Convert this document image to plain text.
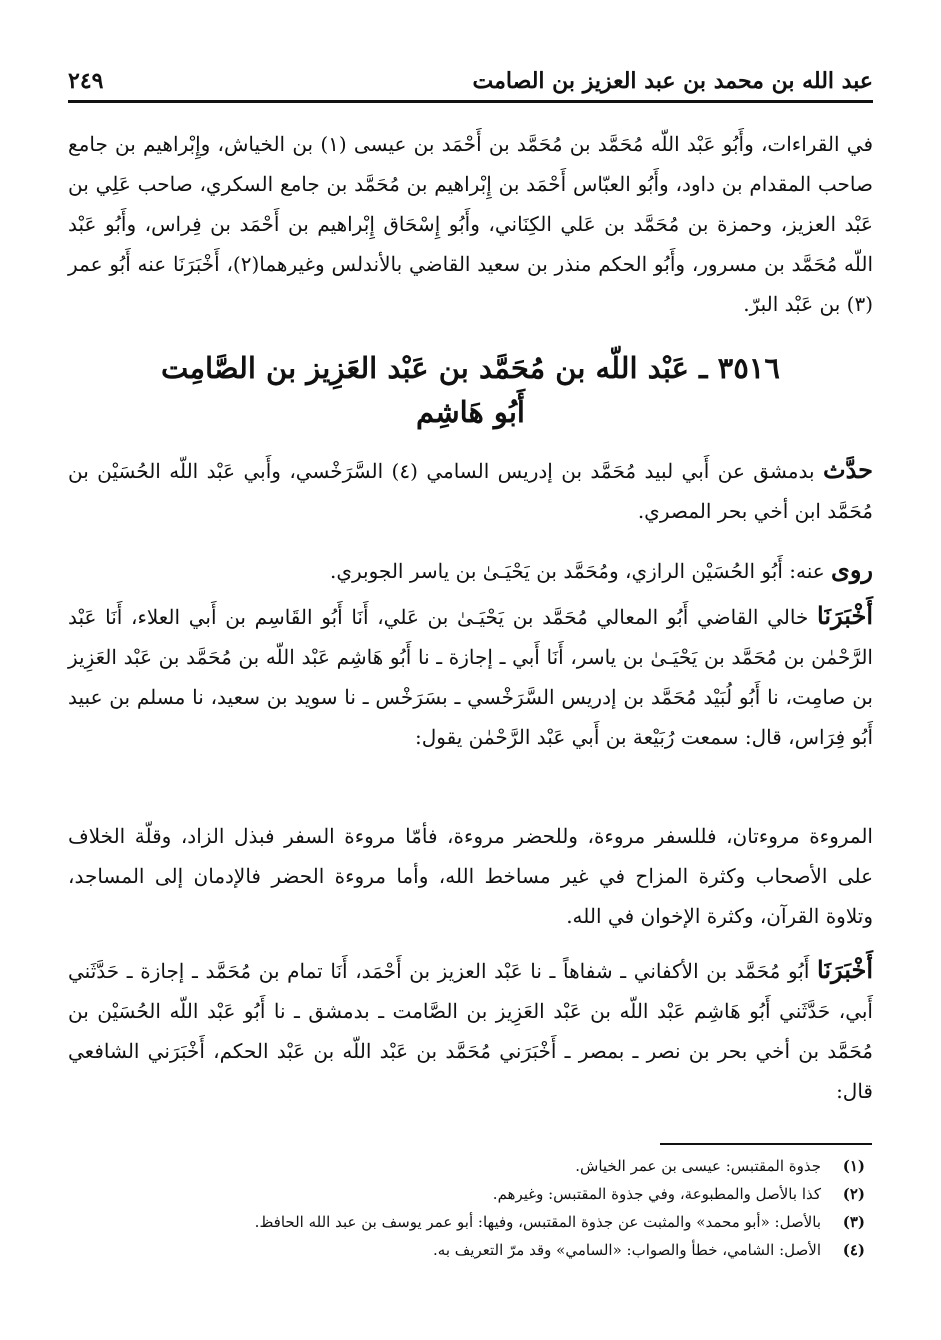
عبد الله بن محمد بن عبد العزيز بن الصامت
٢٤٩

في القراءات، وأَبُو عَبْد اللّه مُحَمَّد بن مُحَمَّد بن أَحْمَد بن عيسى (١) بن الخياش، وإِبْراهيم بن جامع صاحب المقدام بن داود، وأَبُو العبّاس أَحْمَد بن إِبْراهيم بن مُحَمَّد بن جامع السكري، صاحب عَلِي بن عَبْد العزيز، وحمزة بن مُحَمَّد بن عَلي الكِنَاني، وأَبُو إِسْحَاق إِبْراهيم بن أَحْمَد بن فِراس، وأَبُو عَبْد اللّه مُحَمَّد بن مسرور، وأَبُو الحكم منذر بن سعيد القاضي بالأندلس وغيرهما(٢)، أَخْبَرَنَا عنه أَبُو عمر (٣) بن عَبْد البرّ.

٣٥١٦ ـ عَبْد اللّه بن مُحَمَّد بن عَبْد العَزِيز بن الصَّامِت
أَبُو هَاشِم

حدَّث بدمشق عن أَبي لبيد مُحَمَّد بن إدريس السامي (٤) السَّرَخْسي، وأَبي عَبْد اللّه الحُسَيْن بن مُحَمَّد ابن أخي بحر المصري.

روى عنه: أَبُو الحُسَيْن الرازي، ومُحَمَّد بن يَحْيَـىٰ بن ياسر الجوبري.

أَخْبَرَنَا خالي القاضي أَبُو المعالي مُحَمَّد بن يَحْيَـىٰ بن عَلي، أَنَا أَبُو القَاسِم بن أَبي العلاء، أَنَا عَبْد الرَّحْمٰن بن مُحَمَّد بن يَحْيَـىٰ بن ياسر، أَنَا أَبي ـ إجازة ـ نا أَبُو هَاشِم عَبْد اللّه بن مُحَمَّد بن عَبْد العَزِيز بن صامِت، نا أَبُو لُبَيْد مُحَمَّد بن إدريس السَّرَخْسي ـ بسَرَخْس ـ نا سويد بن سعيد، نا مسلم بن عبيد أَبُو فِرَاس، قال: سمعت رُبَيْعة بن أَبي عَبْد الرَّحْمٰن يقول:

المروءة مروءتان، فللسفر مروءة، وللحضر مروءة، فأمّا مروءة السفر فبذل الزاد، وقلّة الخلاف على الأصحاب وكثرة المزاح في غير مساخط الله، وأما مروءة الحضر فالإدمان إلى المساجد، وتلاوة القرآن، وكثرة الإخوان في الله.

أَخْبَرَنَا أَبُو مُحَمَّد بن الأكفاني ـ شفاهاً ـ نا عَبْد العزيز بن أَحْمَد، أَنَا تمام بن مُحَمَّد ـ إجازة ـ حَدَّثَني أَبي، حَدَّثَني أَبُو هَاشِم عَبْد اللّه بن عَبْد العَزِيز بن الصَّامت ـ بدمشق ـ نا أَبُو عَبْد اللّه الحُسَيْن بن مُحَمَّد بن أخي بحر بن نصر ـ بمصر ـ أَخْبَرَني مُحَمَّد بن عَبْد اللّه بن عَبْد الحكم، أَخْبَرَني الشافعي قال:

(١)
جذوة المقتبس: عيسى بن عمر الخياش.
(٢)
كذا بالأصل والمطبوعة، وفي جذوة المقتبس: وغيرهم.
(٣)
بالأصل: «أبو محمد» والمثبت عن جذوة المقتبس، وفيها: أبو عمر يوسف بن عبد الله الحافظ.
(٤)
الأصل: الشامي، خطأ والصواب: «السامي» وقد مرّ التعريف به.
